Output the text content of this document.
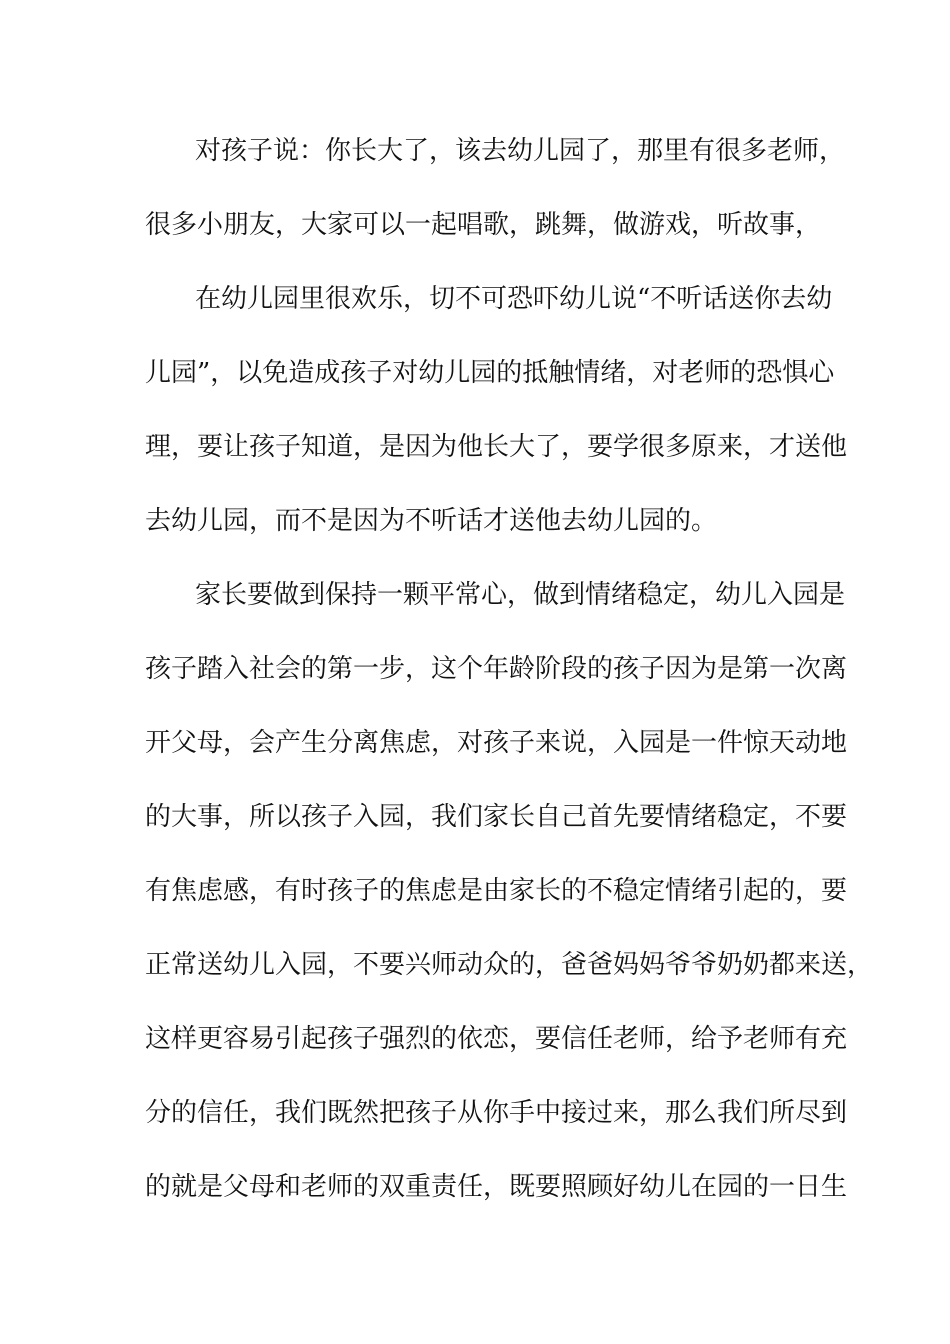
对孩子说：你长大了，该去幼儿园了，那里有很多老师，
很多小朋友，大家可以一起唱歌，跳舞，做游戏，听故事，
在幼儿园里很欢乐，切不可恐吓幼儿说“不听话送你去幼
儿园”，以免造成孩子对幼儿园的抵触情绪，对老师的恐惧心
理，要让孩子知道，是因为他长大了，要学很多原来，才送他
去幼儿园，而不是因为不听话才送他去幼儿园的。
家长要做到保持一颗平常心，做到情绪稳定，幼儿入园是
孩子踏入社会的第一步，这个年龄阶段的孩子因为是第一次离
开父母，会产生分离焦虑，对孩子来说，入园是一件惊天动地
的大事，所以孩子入园，我们家长自己首先要情绪稳定，不要
有焦虑感，有时孩子的焦虑是由家长的不稳定情绪引起的，要
正常送幼儿入园，不要兴师动众的，爸爸妈妈爷爷奶奶都来送，
这样更容易引起孩子强烈的依恋，要信任老师，给予老师有充
分的信任，我们既然把孩子从你手中接过来，那么我们所尽到
的就是父母和老师的双重责任，既要照顾好幼儿在园的一日生
